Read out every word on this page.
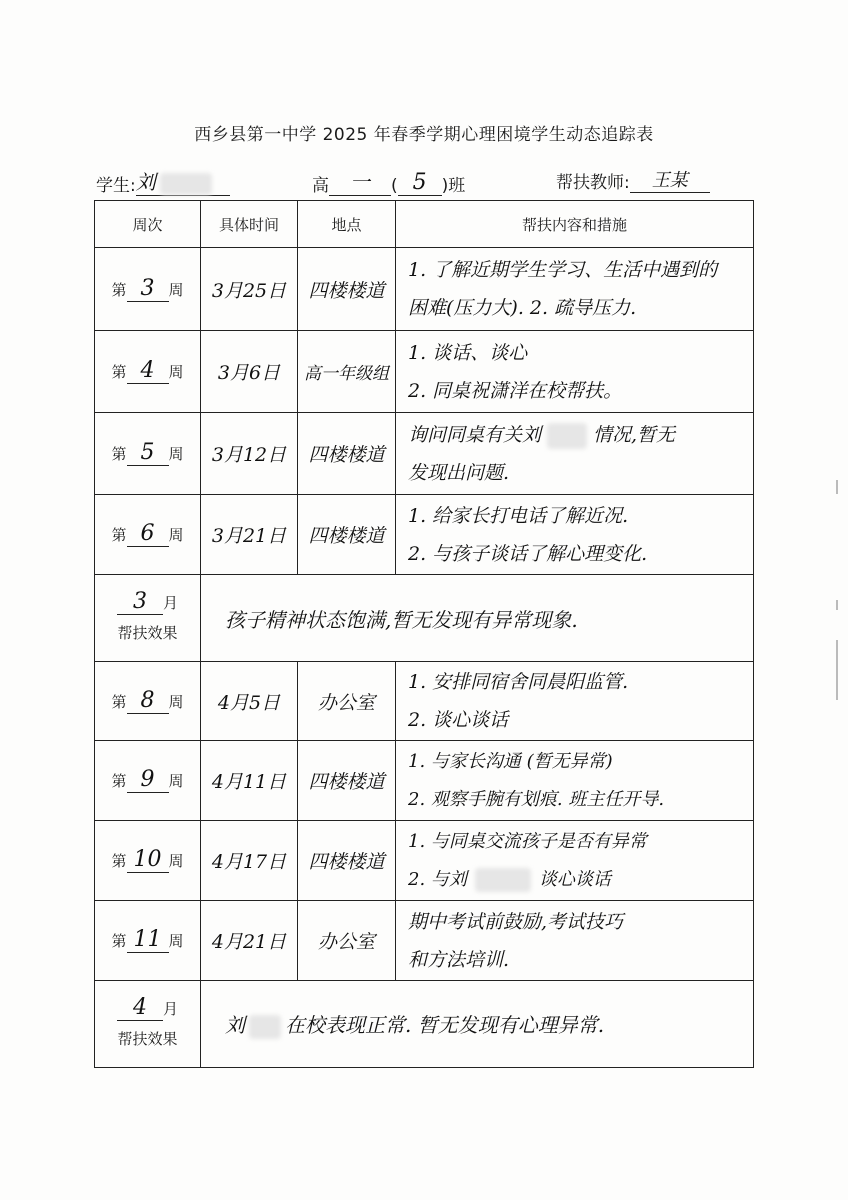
西乡县第一中学 2025 年春季学期心理困境学生动态追踪表
学生:刘	高 一 ( 5 )班	帮扶教师: 王某
周次	具体时间	地点	帮扶内容和措施
第 3 周	3月25日	四楼楼道	1. 了解近期学生学习、生活中遇到的
困难(压力大). 2. 疏导压力.

第 4 周	3月6日	高一年级组	1. 谈话、谈心
2. 同桌祝潇洋在校帮扶。

第 5 周	3月12日	四楼楼道	询问同桌有关刘 情况,暂无
发现出问题.

第 6 周	3月21日	四楼楼道	1. 给家长打电话了解近况.
2. 与孩子谈话了解心理变化.

3 月
帮扶效果	孩子精神状态饱满,暂无发现有异常现象.		
第 8 周	4月5日	办公室	1. 安排同宿舍同晨阳监管.
2. 谈心谈话

第 9 周	4月11日	四楼楼道	1. 与家长沟通 (暂无异常)
2. 观察手腕有划痕. 班主任开导.

第 10 周	4月17日	四楼楼道	1. 与同桌交流孩子是否有异常
2. 与刘 谈心谈话

第 11 周	4月21日	办公室	期中考试前鼓励,考试技巧
和方法培训.

4 月
帮扶效果	刘 在校表现正常. 暂无发现有心理异常.		
